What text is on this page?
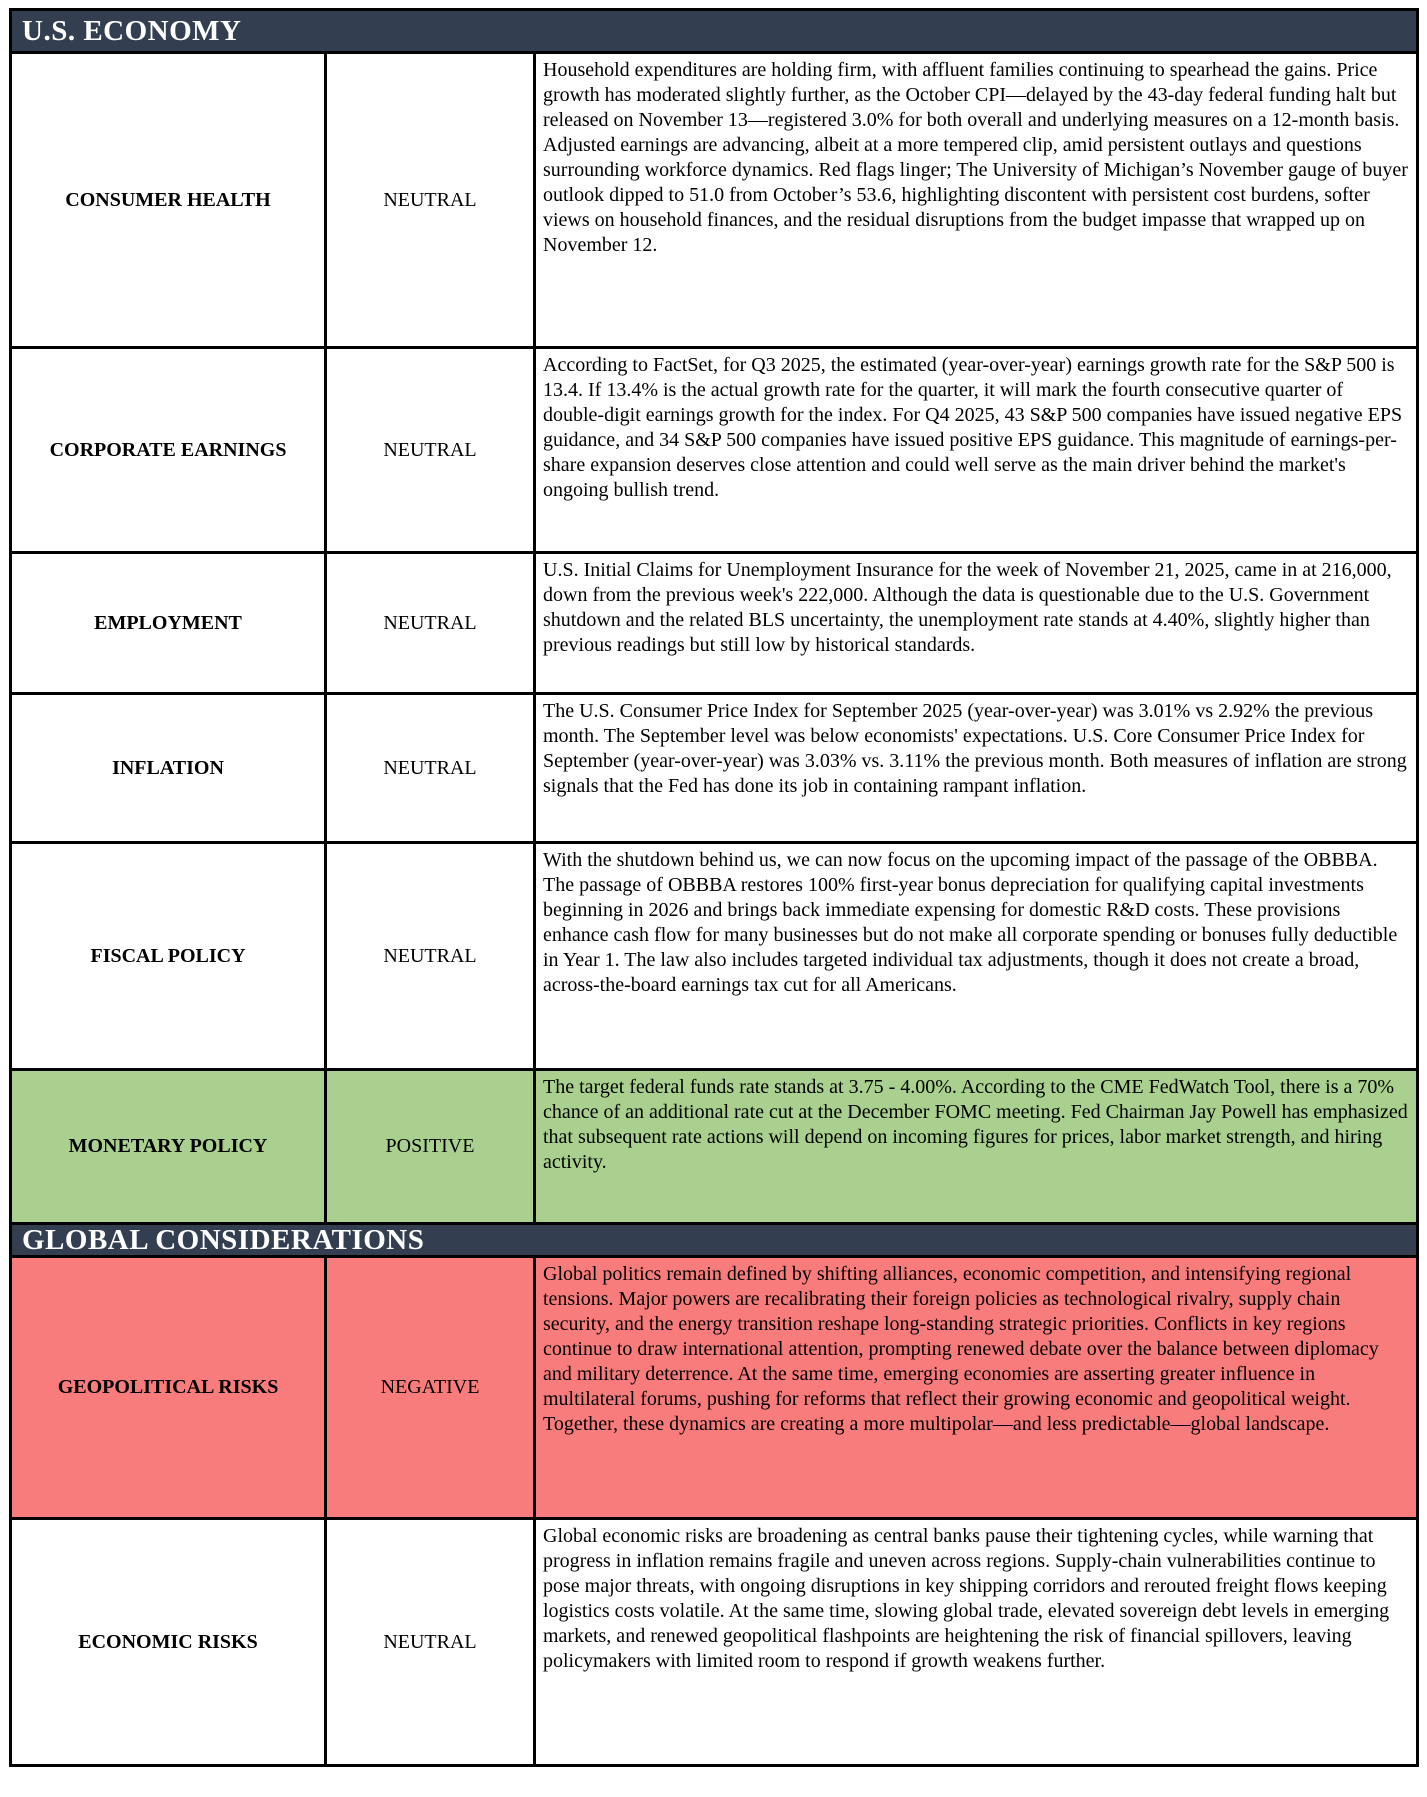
U.S. ECONOMY
CONSUMER HEALTH	NEUTRAL
Household expenditures are holding firm, with affluent families continuing to spearhead the gains. Price growth has moderated slightly further, as the October CPI—delayed by the 43-day federal funding halt but released on November 13—registered 3.0% for both overall and underlying measures on a 12-month basis. Adjusted earnings are advancing, albeit at a more tempered clip, amid persistent outlays and questions surrounding workforce dynamics. Red flags linger; The University of Michigan’s November gauge of buyer outlook dipped to 51.0 from October’s 53.6, highlighting discontent with persistent cost burdens, softer views on household finances, and the residual disruptions from the budget impasse that wrapped up on November 12.
CORPORATE EARNINGS	NEUTRAL
According to FactSet, for Q3 2025, the estimated (year-over-year) earnings growth rate for the S&P 500 is 13.4. If 13.4% is the actual growth rate for the quarter, it will mark the fourth consecutive quarter of double-digit earnings growth for the index. For Q4 2025, 43 S&P 500 companies have issued negative EPS guidance, and 34 S&P 500 companies have issued positive EPS guidance. This magnitude of earnings-per-share expansion deserves close attention and could well serve as the main driver behind the market's ongoing bullish trend.
EMPLOYMENT	NEUTRAL
U.S. Initial Claims for Unemployment Insurance for the week of November 21, 2025, came in at 216,000, down from the previous week's 222,000. Although the data is questionable due to the U.S. Government shutdown and the related BLS uncertainty, the unemployment rate stands at 4.40%, slightly higher than previous readings but still low by historical standards.
INFLATION	NEUTRAL
The U.S. Consumer Price Index for September 2025 (year-over-year) was 3.01% vs 2.92% the previous month. The September level was below economists' expectations. U.S. Core Consumer Price Index for September (year-over-year) was 3.03% vs. 3.11% the previous month. Both measures of inflation are strong signals that the Fed has done its job in containing rampant inflation.
FISCAL POLICY	NEUTRAL
With the shutdown behind us, we can now focus on the upcoming impact of the passage of the OBBBA. The passage of OBBBA restores 100% first-year bonus depreciation for qualifying capital investments beginning in 2026 and brings back immediate expensing for domestic R&D costs. These provisions enhance cash flow for many businesses but do not make all corporate spending or bonuses fully deductible in Year 1. The law also includes targeted individual tax adjustments, though it does not create a broad, across-the-board earnings tax cut for all Americans.
MONETARY POLICY	POSITIVE
The target federal funds rate stands at 3.75 - 4.00%. According to the CME FedWatch Tool, there is a 70% chance of an additional rate cut at the December FOMC meeting. Fed Chairman Jay Powell has emphasized that subsequent rate actions will depend on incoming figures for prices, labor market strength, and hiring activity.
GLOBAL CONSIDERATIONS
GEOPOLITICAL RISKS	NEGATIVE
Global politics remain defined by shifting alliances, economic competition, and intensifying regional tensions. Major powers are recalibrating their foreign policies as technological rivalry, supply chain security, and the energy transition reshape long-standing strategic priorities. Conflicts in key regions continue to draw international attention, prompting renewed debate over the balance between diplomacy and military deterrence. At the same time, emerging economies are asserting greater influence in multilateral forums, pushing for reforms that reflect their growing economic and geopolitical weight. Together, these dynamics are creating a more multipolar—and less predictable—global landscape.
ECONOMIC RISKS	NEUTRAL
Global economic risks are broadening as central banks pause their tightening cycles, while warning that progress in inflation remains fragile and uneven across regions. Supply-chain vulnerabilities continue to pose major threats, with ongoing disruptions in key shipping corridors and rerouted freight flows keeping logistics costs volatile. At the same time, slowing global trade, elevated sovereign debt levels in emerging markets, and renewed geopolitical flashpoints are heightening the risk of financial spillovers, leaving policymakers with limited room to respond if growth weakens further.
